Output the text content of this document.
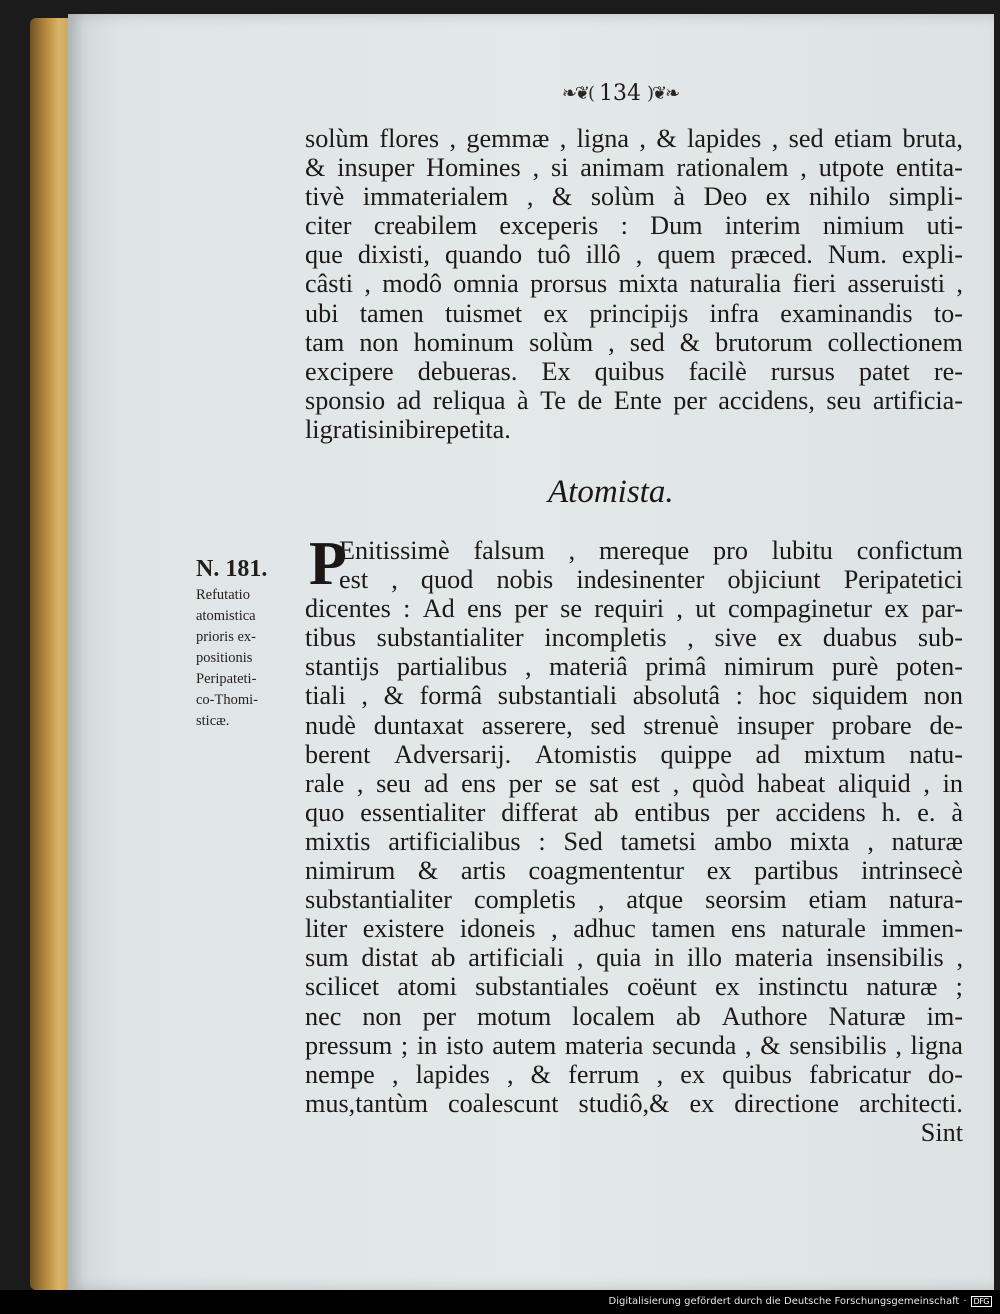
❧❦( 134 )❦❧
solùm flores , gemmæ , ligna , & lapides , sed etiam bruta,
& insuper Homines , si animam rationalem , utpote entita-
tivè immaterialem , & solùm à Deo ex nihilo simpli-
citer creabilem exceperis : Dum interim nimium uti-
que dixisti, quando tuô illô , quem præced. Num. expli-
câsti , modô omnia prorsus mixta naturalia fieri asseruisti ,
ubi tamen tuismet ex principijs infra examinandis to-
tam non hominum solùm , sed & brutorum collectionem
excipere debueras. Ex quibus facilè rursus patet re-
sponsio ad reliqua à Te de Ente per accidens, seu artificia-
li gratis inibi repetita.
Atomista.
P
Enitissimè falsum , mereque pro lubitu confictum
est , quod nobis indesinenter objiciunt Peripatetici
dicentes : Ad ens per se requiri , ut compaginetur ex par-
tibus substantialiter incompletis , sive ex duabus sub-
stantijs partialibus , materiâ primâ nimirum purè poten-
tiali , & formâ substantiali absolutâ : hoc siquidem non
nudè duntaxat asserere, sed strenuè insuper probare de-
berent Adversarij. Atomistis quippe ad mixtum natu-
rale , seu ad ens per se sat est , quòd habeat aliquid , in
quo essentialiter differat ab entibus per accidens h. e. à
mixtis artificialibus : Sed tametsi ambo mixta , naturæ
nimirum & artis coagmententur ex partibus intrinsecè
substantialiter completis , atque seorsim etiam natura-
liter existere idoneis , adhuc tamen ens naturale immen-
sum distat ab artificiali , quia in illo materia insensibilis ,
scilicet atomi substantiales coëunt ex instinctu naturæ ;
nec non per motum localem ab Authore Naturæ im-
pressum ; in isto autem materia secunda , & sensibilis , ligna
nempe , lapides , & ferrum , ex quibus fabricatur do-
mus,tantùm coalescunt studiô,& ex directione architecti.
Sint
N. 181.
Refutatio
atomistica
prioris ex-
positionis
Peripateti-
co-Thomi-
sticæ.
Digitalisierung gefördert durch die Deutsche Forschungsgemeinschaft · DFG
